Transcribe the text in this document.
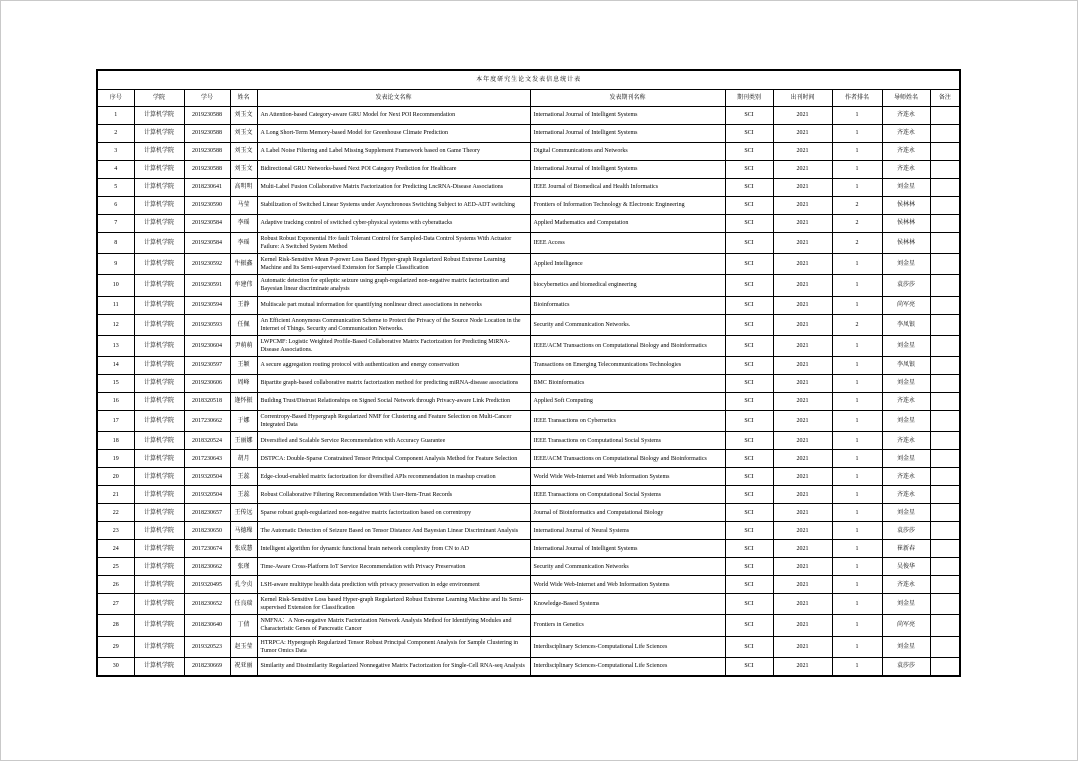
本年度研究生论文发表信息统计表										
序号	学院	学号	姓名	发表论文名称	发表期刊名称	期刊类别	出刊时间	作者排名	导师姓名	备注
1	计算机学院	2019230588	刘玉文	An Attention-based Category-aware GRU Model for Next POI Recommendation	International Journal of Intelligent Systems	SCI	2021	1	齐连永	
2	计算机学院	2019230588	刘玉文	A Long Short-Term Memory-based Model for Greenhouse Climate Prediction	International Journal of Intelligent Systems	SCI	2021	1	齐连永	
3	计算机学院	2019230588	刘玉文	A Label Noise Filtering and Label Missing Supplement Framework based on Game Theory	Digital Communications and Networks	SCI	2021	1	齐连永	
4	计算机学院	2019230588	刘玉文	Bidirectional GRU Networks-based Next POI Category Prediction for Healthcare	International Journal of Intelligent Systems	SCI	2021	1	齐连永	
5	计算机学院	2018230641	高明明	Multi-Label Fusion Collaborative Matrix Factorization for Predicting LncRNA-Disease Associations	IEEE Journal of Biomedical and Health Informatics	SCI	2021	1	刘金星	
6	计算机学院	2019230590	马莹	Stabilization of Switched Linear Systems under Asynchronous Switching Subject to AED-ADT switching	Frontiers of Information Technology & Electronic Engineering	SCI	2021	2	侯林林	
7	计算机学院	2019230584	李瑶	Adaptive tracking control of switched cyber-physical systems with cyberattacks	Applied Mathematics and Computation	SCI	2021	2	侯林林	
8	计算机学院	2019230584	李瑶	Robust Robust Exponential H∞ fault Tolerant Control for Sampled-Data Control Systems With Actuator Failure: A Switched System Method	IEEE Access	SCI	2021	2	侯林林	
9	计算机学院	2019230592	牛振鑫	Kernel Risk-Sensitive Mean P-power Loss Based Hyper-graph Regularized Robust Extreme Learning Machine and Its Semi-supervised Extension for Sample Classification	Applied Intelligence	SCI	2021	1	刘金星	
10	计算机学院	2019230591	牟建伟	Automatic detection for epileptic seizure using graph-regularized non-negative matrix factorization and Bayesian linear discriminate analysis	biocybernetics and biomedical engineering	SCI	2021	1	袁莎莎	
11	计算机学院	2019230594	王静	Multiscale part mutual information for quantifying nonlinear direct associations in networks	Bioinformatics	SCI	2021	1	尚军亮	
12	计算机学院	2019230593	任佩	An Efficient Anonymous Communication Scheme to Protect the Privacy of the Source Node Location in the Internet of Things. Security and Communication Networks.	Security and Communication Networks.	SCI	2021	2	李凤银	
13	计算机学院	2019230604	尹萌萌	LWPCMF: Logistic Weighted Profile-Based Collaborative Matrix Factorization for Predicting MiRNA-Disease Associations.	IEEE/ACM Transactions on Computational Biology and Bioinformatics	SCI	2021	1	刘金星	
14	计算机学院	2019230597	王颖	A secure aggregation routing protocol with authentication and energy conservation	Transactions on Emerging Telecommunications Technologies	SCI	2021	1	李凤银	
15	计算机学院	2019230606	周峰	Bipartite graph-based collaborative matrix factorization method for predicting miRNA-disease associations	BMC Bioinformatics	SCI	2021	1	刘金星	
16	计算机学院	2018320518	逄怀振	Building Trust/Distrust Relationships on Signed Social Network through Privacy-aware Link Prediction	Applied Soft Computing	SCI	2021	1	齐连永	
17	计算机学院	2017230662	于娜	Correntropy-Based Hypergraph Regularized NMF for Clustering and Feature Selection on Multi-Cancer Integrated Data	IEEE Transactions on Cybernetics	SCI	2021	1	刘金星	
18	计算机学院	2018320524	王丽娜	Diversified and Scalable Service Recommendation with Accuracy Guarantee	IEEE Transactions on Computational Social Systems	SCI	2021	1	齐连永	
19	计算机学院	2017230643	胡月	DSTPCA: Double-Sparse Constrained Tensor Principal Component Analysis Method for Feature Selection	IEEE/ACM Transactions on Computational Biology and Bioinformatics	SCI	2021	1	刘金星	
20	计算机学院	2019320504	王蕊	Edge-cloud-enabled matrix factorization for diversified APIs recommendation in mashup creation	World Wide Web-Internet and Web Information Systems	SCI	2021	1	齐连永	
21	计算机学院	2019320504	王蕊	Robust Collaborative Filtering Recommendation With User-Item-Trust Records	IEEE Transactions on Computational Social Systems	SCI	2021	1	齐连永	
22	计算机学院	2018230657	王传远	Sparse robust graph-regularized non-negative matrix factorization based on correntropy	Journal of Bioinformatics and Computational Biology	SCI	2021	1	刘金星	
23	计算机学院	2018230650	马德璪	The Automatic Detection of Seizure Based on Tensor Distance And Bayesian Linear Discriminant Analysis	International Journal of Neural Systems	SCI	2021	1	袁莎莎	
24	计算机学院	2017230674	张成慧	Intelligent algorithm for dynamic functional brain network complexity from CN to AD	International Journal of Intelligent Systems	SCI	2021	1	崔新春	
25	计算机学院	2018230662	张瑾	Time-Aware Cross-Platform IoT Service Recommendation with Privacy Preservation	Security and Communication Networks	SCI	2021	1	吴俊华	
26	计算机学院	2019320495	孔令贞	LSH-aware multitype health data prediction with privacy preservation in edge environment	World Wide Web-Internet and Web Information Systems	SCI	2021	1	齐连永	
27	计算机学院	2018230652	任良瑞	Kernel Risk-Sensitive Loss based Hyper-graph Regularized Robust Extreme Learning Machine and Its Semi-supervised Extension for Classification	Knowledge-Based Systems	SCI	2021	1	刘金星	
28	计算机学院	2018230640	丁倩	NMFNA：A Non-negative Matrix Factorization Network Analysis Method for Identifying Modules and Characteristic Genes of Pancreatic Cancer	Frontiers in Genetics	SCI	2021	1	尚军亮	
29	计算机学院	2019320523	赵玉莹	HTRPCA: Hypergraph Regularized Tensor Robust Principal Component Analysis for Sample Clustering in Tumor Omics Data	Interdisciplinary Sciences-Computational Life Sciences	SCI	2021	1	刘金星	
30	计算机学院	2018230669	祝亚丽	Similarity and Dissimilarity Regularized Nonnegative Matrix Factorization for Single-Cell RNA-seq Analysis	Interdisciplinary Sciences-Computational Life Sciences	SCI	2021	1	袁莎莎	
